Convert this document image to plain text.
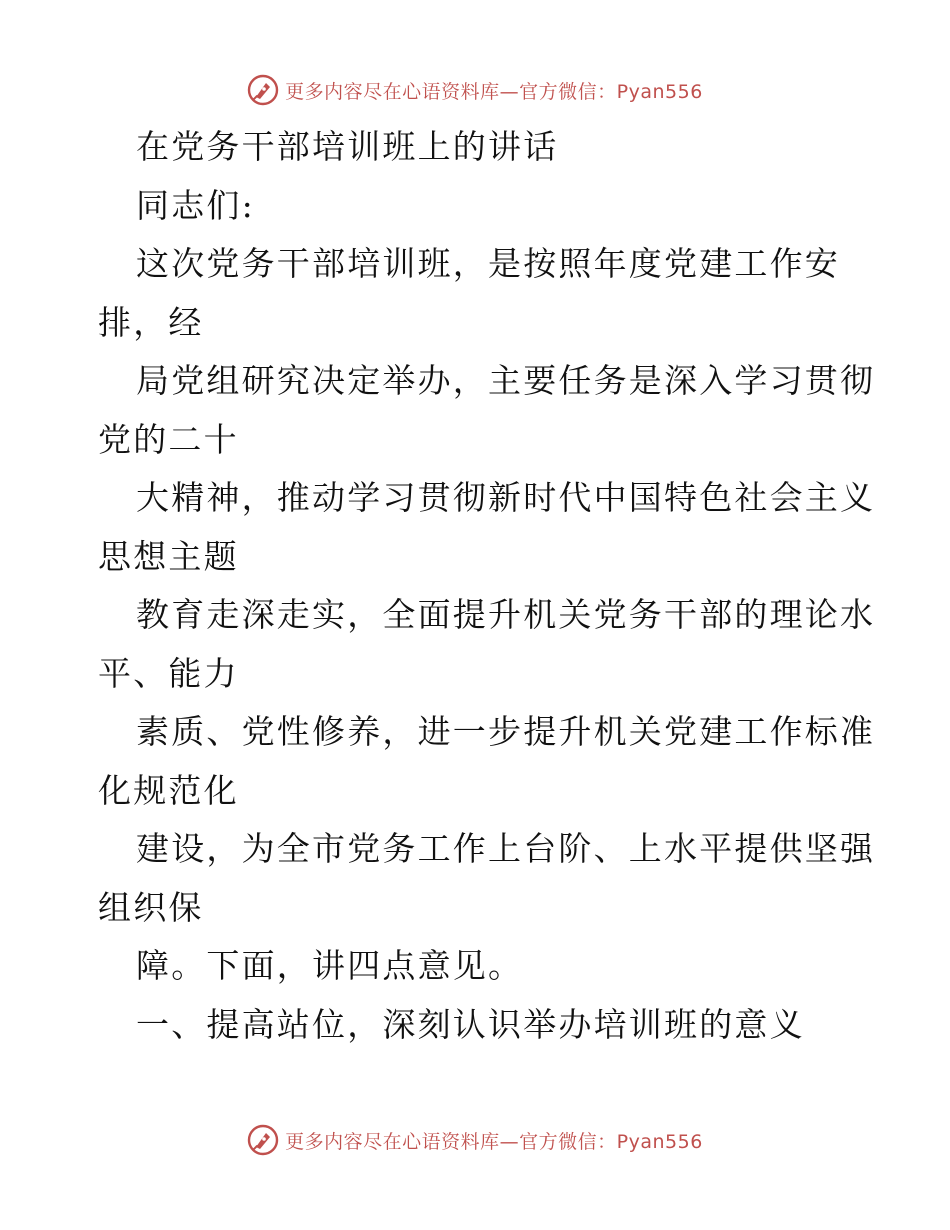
更多内容尽在心语资料库—官方微信：Pyan556
在党务干部培训班上的讲话
同志们:
这次党务干部培训班，是按照年度党建工作安
排，经
局党组研究决定举办，主要任务是深入学习贯彻
党的二十
大精神，推动学习贯彻新时代中国特色社会主义
思想主题
教育走深走实，全面提升机关党务干部的理论水
平、能力
素质、党性修养，进一步提升机关党建工作标准
化规范化
建设，为全市党务工作上台阶、上水平提供坚强
组织保
障。下面，讲四点意见。
一、提高站位，深刻认识举办培训班的意义
更多内容尽在心语资料库—官方微信：Pyan556
